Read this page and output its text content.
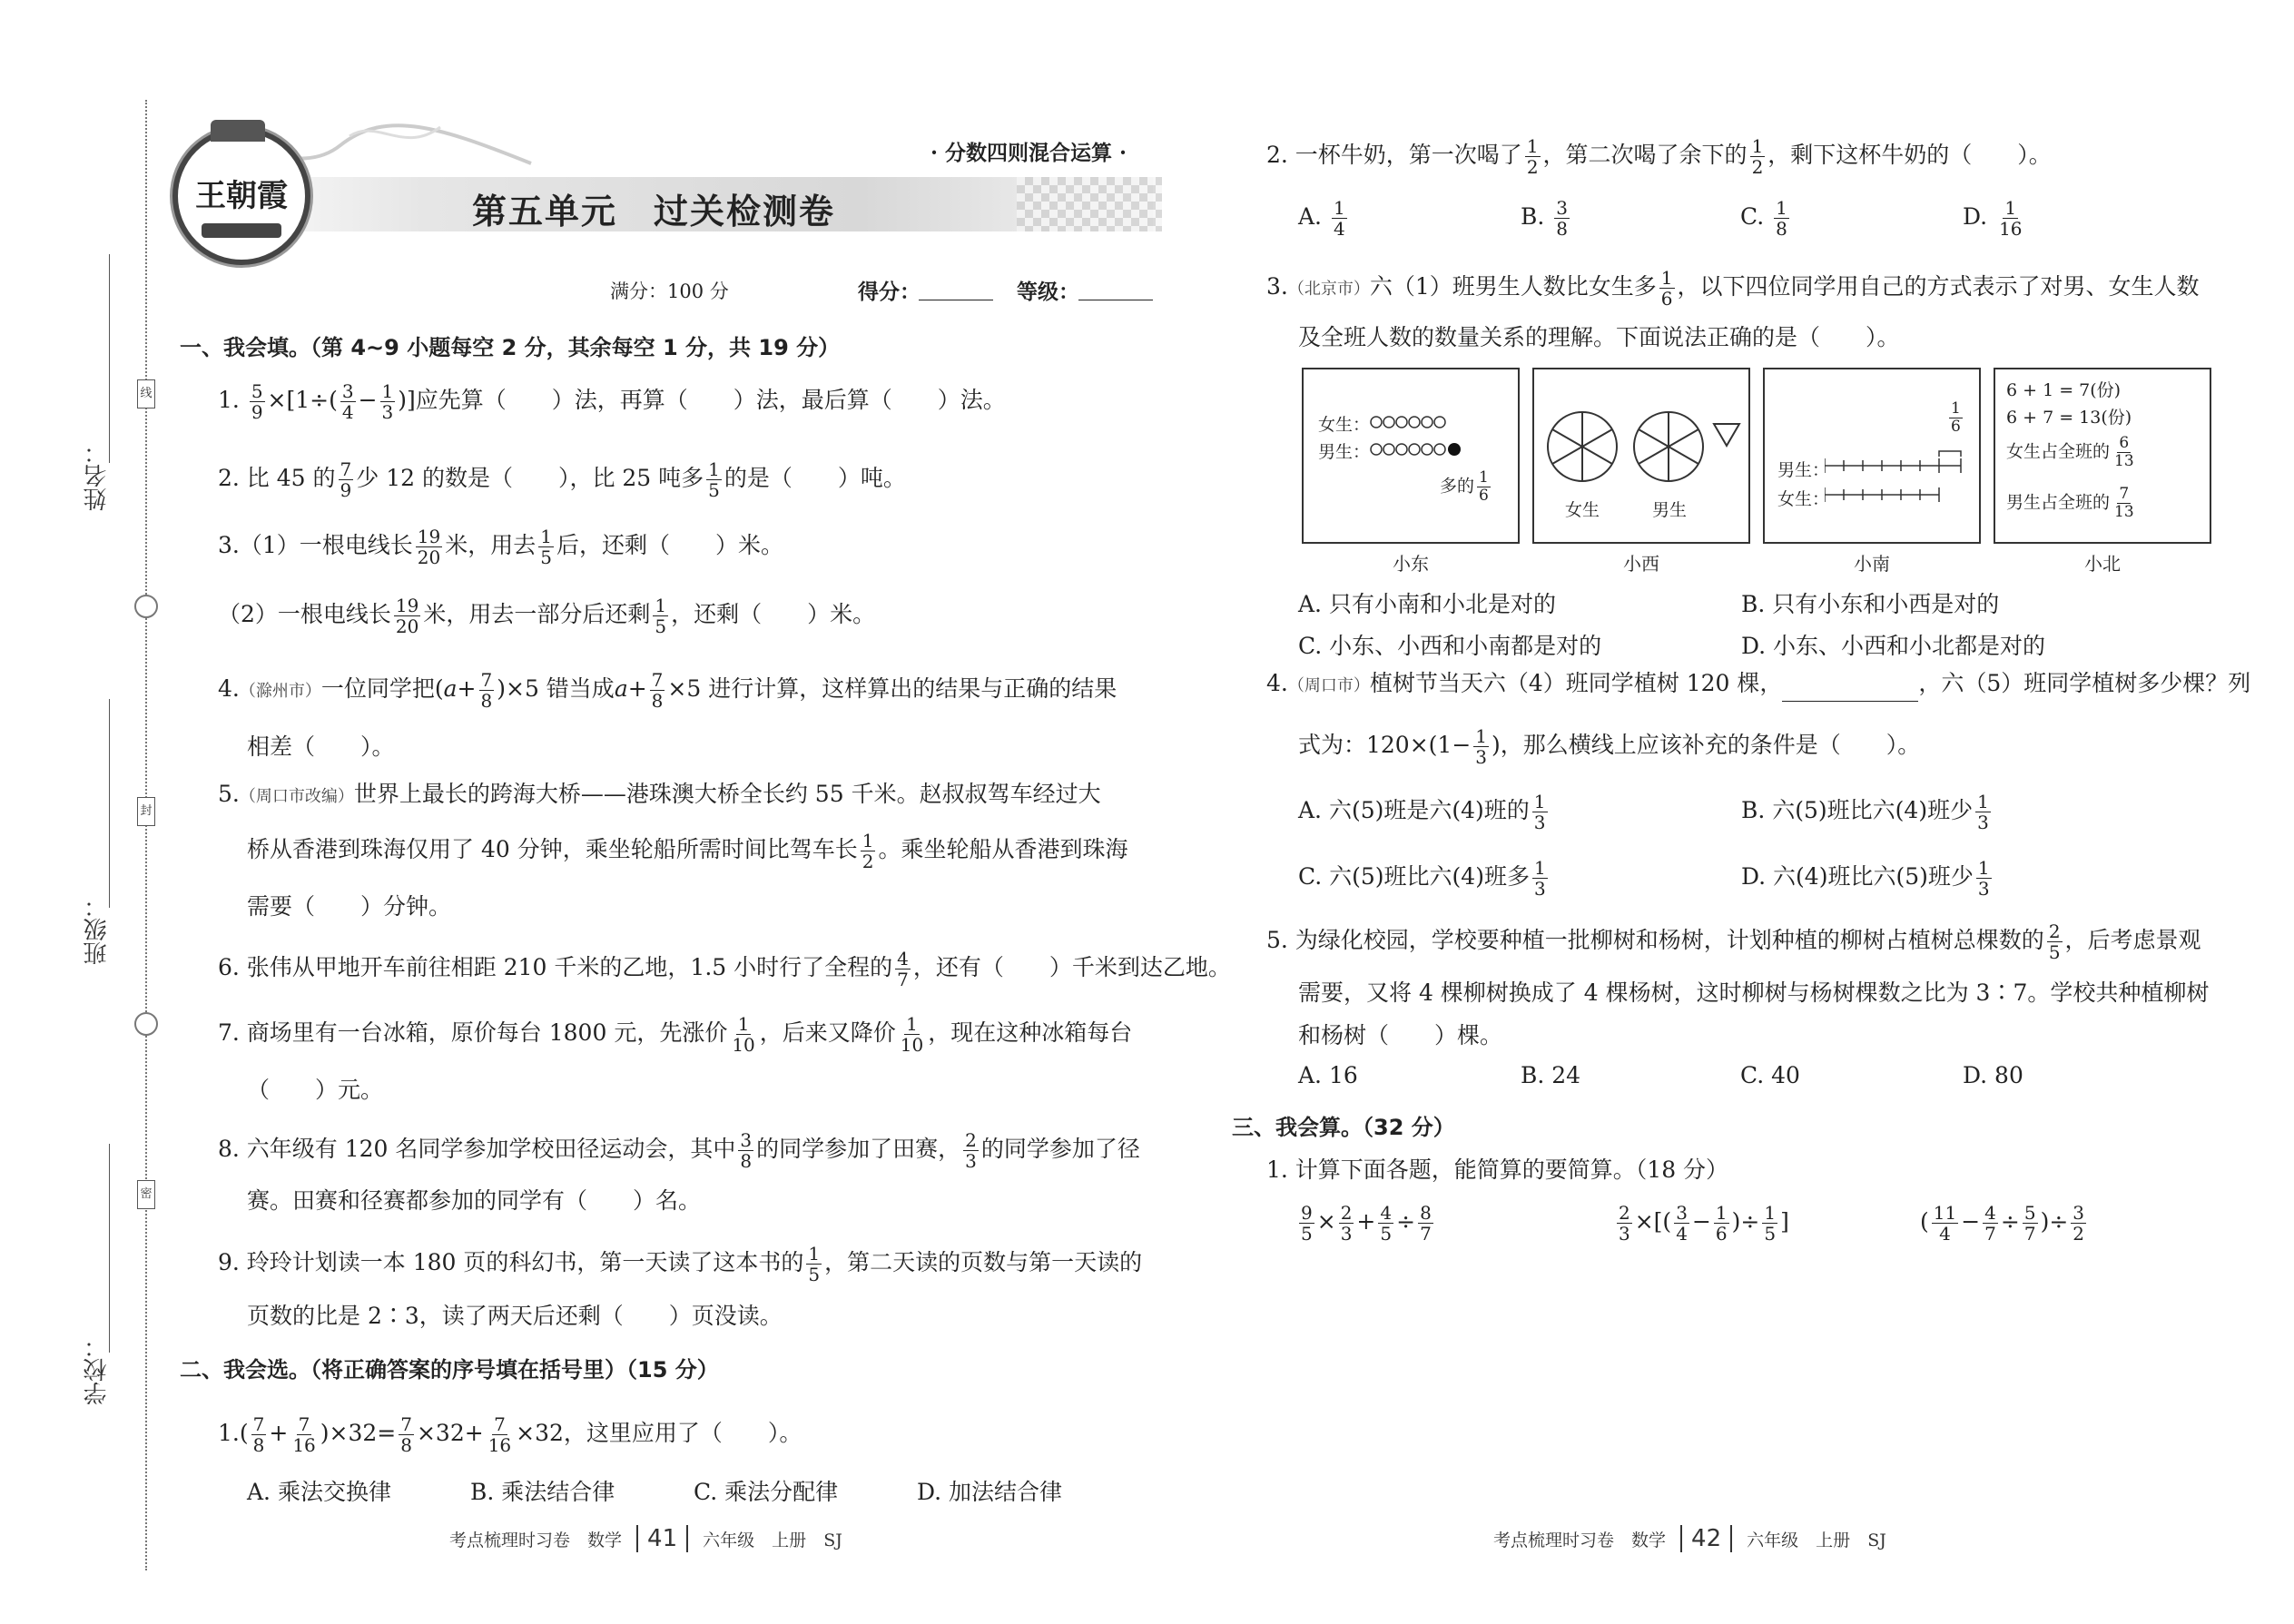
线
封
密
姓名：
班级：
学校：
王朝霞
· 分数四则混合运算 ·
第五单元　过关检测卷
满分：100 分	得分：	等级：
一、我会填。（第 4~9 小题每空 2 分，其余每空 1 分，共 19 分）
1. $\frac{5}{9} \times[1\div( \frac{3}{4} - \frac{1}{3}$ )]应先算（　　）法，再算（　　）法，最后算（　　）法。
2. 比 45 的 $\frac{7}{9}$ 少 12 的数是（　　），比 25 吨多 $\frac{1}{5}$ 的是（　　）吨。
3.（1）一根电线长 $\frac{19}{20}$ 米，用去 $\frac{1}{5}$ 后，还剩（　　）米。
（2）一根电线长 $\frac{19}{20}$ 米，用去一部分后还剩 $\frac{1}{5}$ ，还剩（　　）米。
4.（滁州市）一位同学把$(a+ \frac{7}{8} )\times 5$ 错当成$a+ \frac{7}{8} \times 5$ 进行计算，这样算出的结果与正确的结果
相差（　　）。
5.（周口市改编）世界上最长的跨海大桥——港珠澳大桥全长约 55 千米。赵叔叔驾车经过大
桥从香港到珠海仅用了 40 分钟，乘坐轮船所需时间比驾车长 $\frac{1}{2}$ 。乘坐轮船从香港到珠海
需要（　　）分钟。
6. 张伟从甲地开车前往相距 210 千米的乙地，1.5 小时行了全程的 $\frac{4}{7}$ ，还有（　　）千米到达乙地。
7. 商场里有一台冰箱，原价每台 1800 元，先涨价 $\frac{1}{10}$ ，后来又降价 $\frac{1}{10}$ ，现在这种冰箱每台
（　　）元。
8. 六年级有 120 名同学参加学校田径运动会，其中 $\frac{3}{8}$ 的同学参加了田赛， $\frac{2}{3}$ 的同学参加了径
赛。田赛和径赛都参加的同学有（　　）名。
9. 玲玲计划读一本 180 页的科幻书，第一天读了这本书的 $\frac{1}{5}$ ，第二天读的页数与第一天读的
页数的比是 2∶3，读了两天后还剩（　　）页没读。
二、我会选。（将正确答案的序号填在括号里）（15 分）
$1.( \frac{7}{8} + \frac{7}{16} )\times 32= \frac{7}{8} \times 32+ \frac{7}{16} \times 32$，这里应用了（　　）。
A. 乘法交换律	B. 乘法结合律	C. 乘法分配律	D. 加法结合律
考点梳理时习卷　 数学 41 六年级　 上册　 SJ
2. 一杯牛奶，第一次喝了 $\frac{1}{2}$ ，第二次喝了余下的 $\frac{1}{2}$ ，剩下这杯牛奶的（　　）。
A. $\frac{1}{4}$	B. $\frac{3}{8}$	C. $\frac{1}{8}$	D. $\frac{1}{16}$
3.（北京市）六（1）班男生人数比女生多 $\frac{1}{6}$ ，以下四位同学用自己的方式表示了对男、女生人数
及全班人数的数量关系的理解。下面说法正确的是（　　）。
女生：
男生：
多的 $\frac{1}{6}$
小东
女生	男生
小西
$\frac{1}{6}$
男生：
女生：
小南
6 + 1 = 7(份)
6 + 7 = 13(份)
女生占全班的 $\frac{6}{13}$
男生占全班的 $\frac{7}{13}$
小北
A. 只有小南和小北是对的	B. 只有小东和小西是对的
C. 小东、小西和小南都是对的	D. 小东、小西和小北都是对的
4.（周口市）植树节当天六（4）班同学植树 120 棵，	，六（5）班同学植树多少棵？列
式为：$120\times(1- \frac{1}{3}$ )，那么横线上应该补充的条件是（　　）。
A. 六(5)班是六(4)班的 $\frac{1}{3}$	B. 六(5)班比六(4)班少 $\frac{1}{3}$
C. 六(5)班比六(4)班多 $\frac{1}{3}$	D. 六(4)班比六(5)班少 $\frac{1}{3}$
5. 为绿化校园，学校要种植一批柳树和杨树，计划种植的柳树占植树总棵数的 $\frac{2}{5}$ ，后考虑景观
需要，又将 4 棵柳树换成了 4 棵杨树，这时柳树与杨树棵数之比为 3∶7。学校共种植柳树
和杨树（　　）棵。
A. 16	B. 24	C. 40	D. 80
三、我会算。（32 分）
1. 计算下面各题，能简算的要简算。（18 分）
$\frac{9}{5} \times \frac{2}{3} + \frac{4}{5} \div \frac{8}{7}$	$\frac{2}{3}$ ×[( $\frac{3}{4} - \frac{1}{6}$ )÷ $\frac{1}{5}$ ]	( $\frac{11}{4} - \frac{4}{7} \div \frac{5}{7}$ )÷ $\frac{3}{2}$
考点梳理时习卷　 数学 42 六年级　 上册　 SJ
